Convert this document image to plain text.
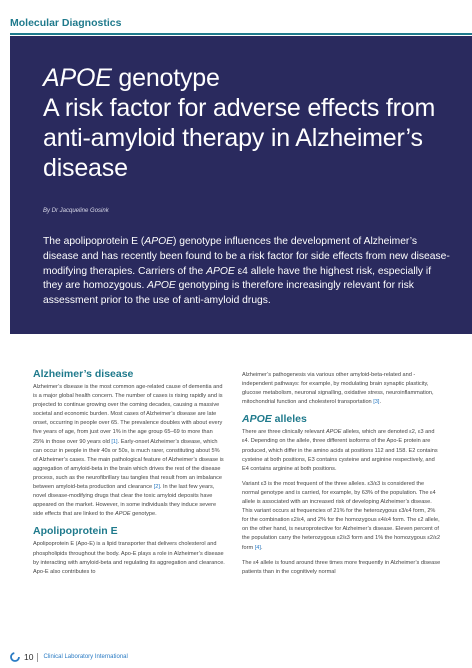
Molecular Diagnostics
APOE genotype
A risk factor for adverse effects from anti-amyloid therapy in Alzheimer’s disease
By Dr Jacqueline Gosink
The apolipoprotein E (APOE) genotype influences the development of Alzheimer’s disease and has recently been found to be a risk factor for side effects from new disease-modifying therapies. Carriers of the APOE ε4 allele have the highest risk, especially if they are homozygous. APOE genotyping is therefore increasingly relevant for risk assessment prior to the use of anti-amyloid drugs.
Alzheimer’s disease

Alzheimer’s disease is the most common age-related cause of dementia and is a major global health concern. The number of cases is rising rapidly and is projected to continue growing over the coming decades, causing a massive societal and economic burden. Most cases of Alzheimer’s disease are late onset, occurring in people over 65. The prevalence doubles with about every five years of age, from just over 1% in the age group 65–69 to more than 25% in those over 90 years old [1]. Early-onset Alzheimer’s disease, which can occur in people in their 40s or 50s, is much rarer, constituting about 5% of Alzheimer’s cases. The main pathological feature of Alzheimer’s disease is aggregation of amyloid-beta in the brain which drives the rest of the disease process, such as the neurofibrillary tau tangles that result from an imbalance between amyloid-beta production and clearance [2]. In the last few years, novel disease-modifying drugs that clear the toxic amyloid deposits have appeared on the market. However, in some individuals they induce severe side effects that are linked to the APOE genotype.

Apolipoprotein E

Apolipoprotein E (Apo-E) is a lipid transporter that delivers cholesterol and phospholipids throughout the body. Apo-E plays a role in Alzheimer’s disease by interacting with amyloid-beta and regulating its aggregation and clearance. Apo-E also contributes to

Alzheimer’s pathogenesis via various other amyloid-beta-related and -independent pathways: for example, by modulating brain synaptic plasticity, glucose metabolism, neuronal signalling, oxidative stress, neuroinflammation, mitochondrial function and cholesterol transportation [3].

APOE alleles

There are three clinically relevant APOE alleles, which are denoted ε2, ε3 and ε4. Depending on the allele, three different isoforms of the Apo-E protein are produced, which differ in the amino acids at positions 112 and 158. E2 contains cysteine at both positions, E3 contains cysteine and arginine respectively, and E4 contains arginine at both positions.

Variant ε3 is the most frequent of the three alleles. ε3/ε3 is considered the normal genotype and is carried, for example, by 63% of the population. The ε4 allele is associated with an increased risk of developing Alzheimer’s disease. This variant occurs at frequencies of 21% for the heterozygous ε3/ε4 form, 2% for the combination ε2/ε4, and 2% for the homozygous ε4/ε4 form. The ε2 allele, on the other hand, is neuroprotective for Alzheimer’s disease. Eleven percent of the population carry the heterozygous ε2/ε3 form and 1% the homozygous ε2/ε2 form [4].

The ε4 allele is found around three times more frequently in Alzheimer’s disease patients than in the cognitively normal

10 Clinical Laboratory International
